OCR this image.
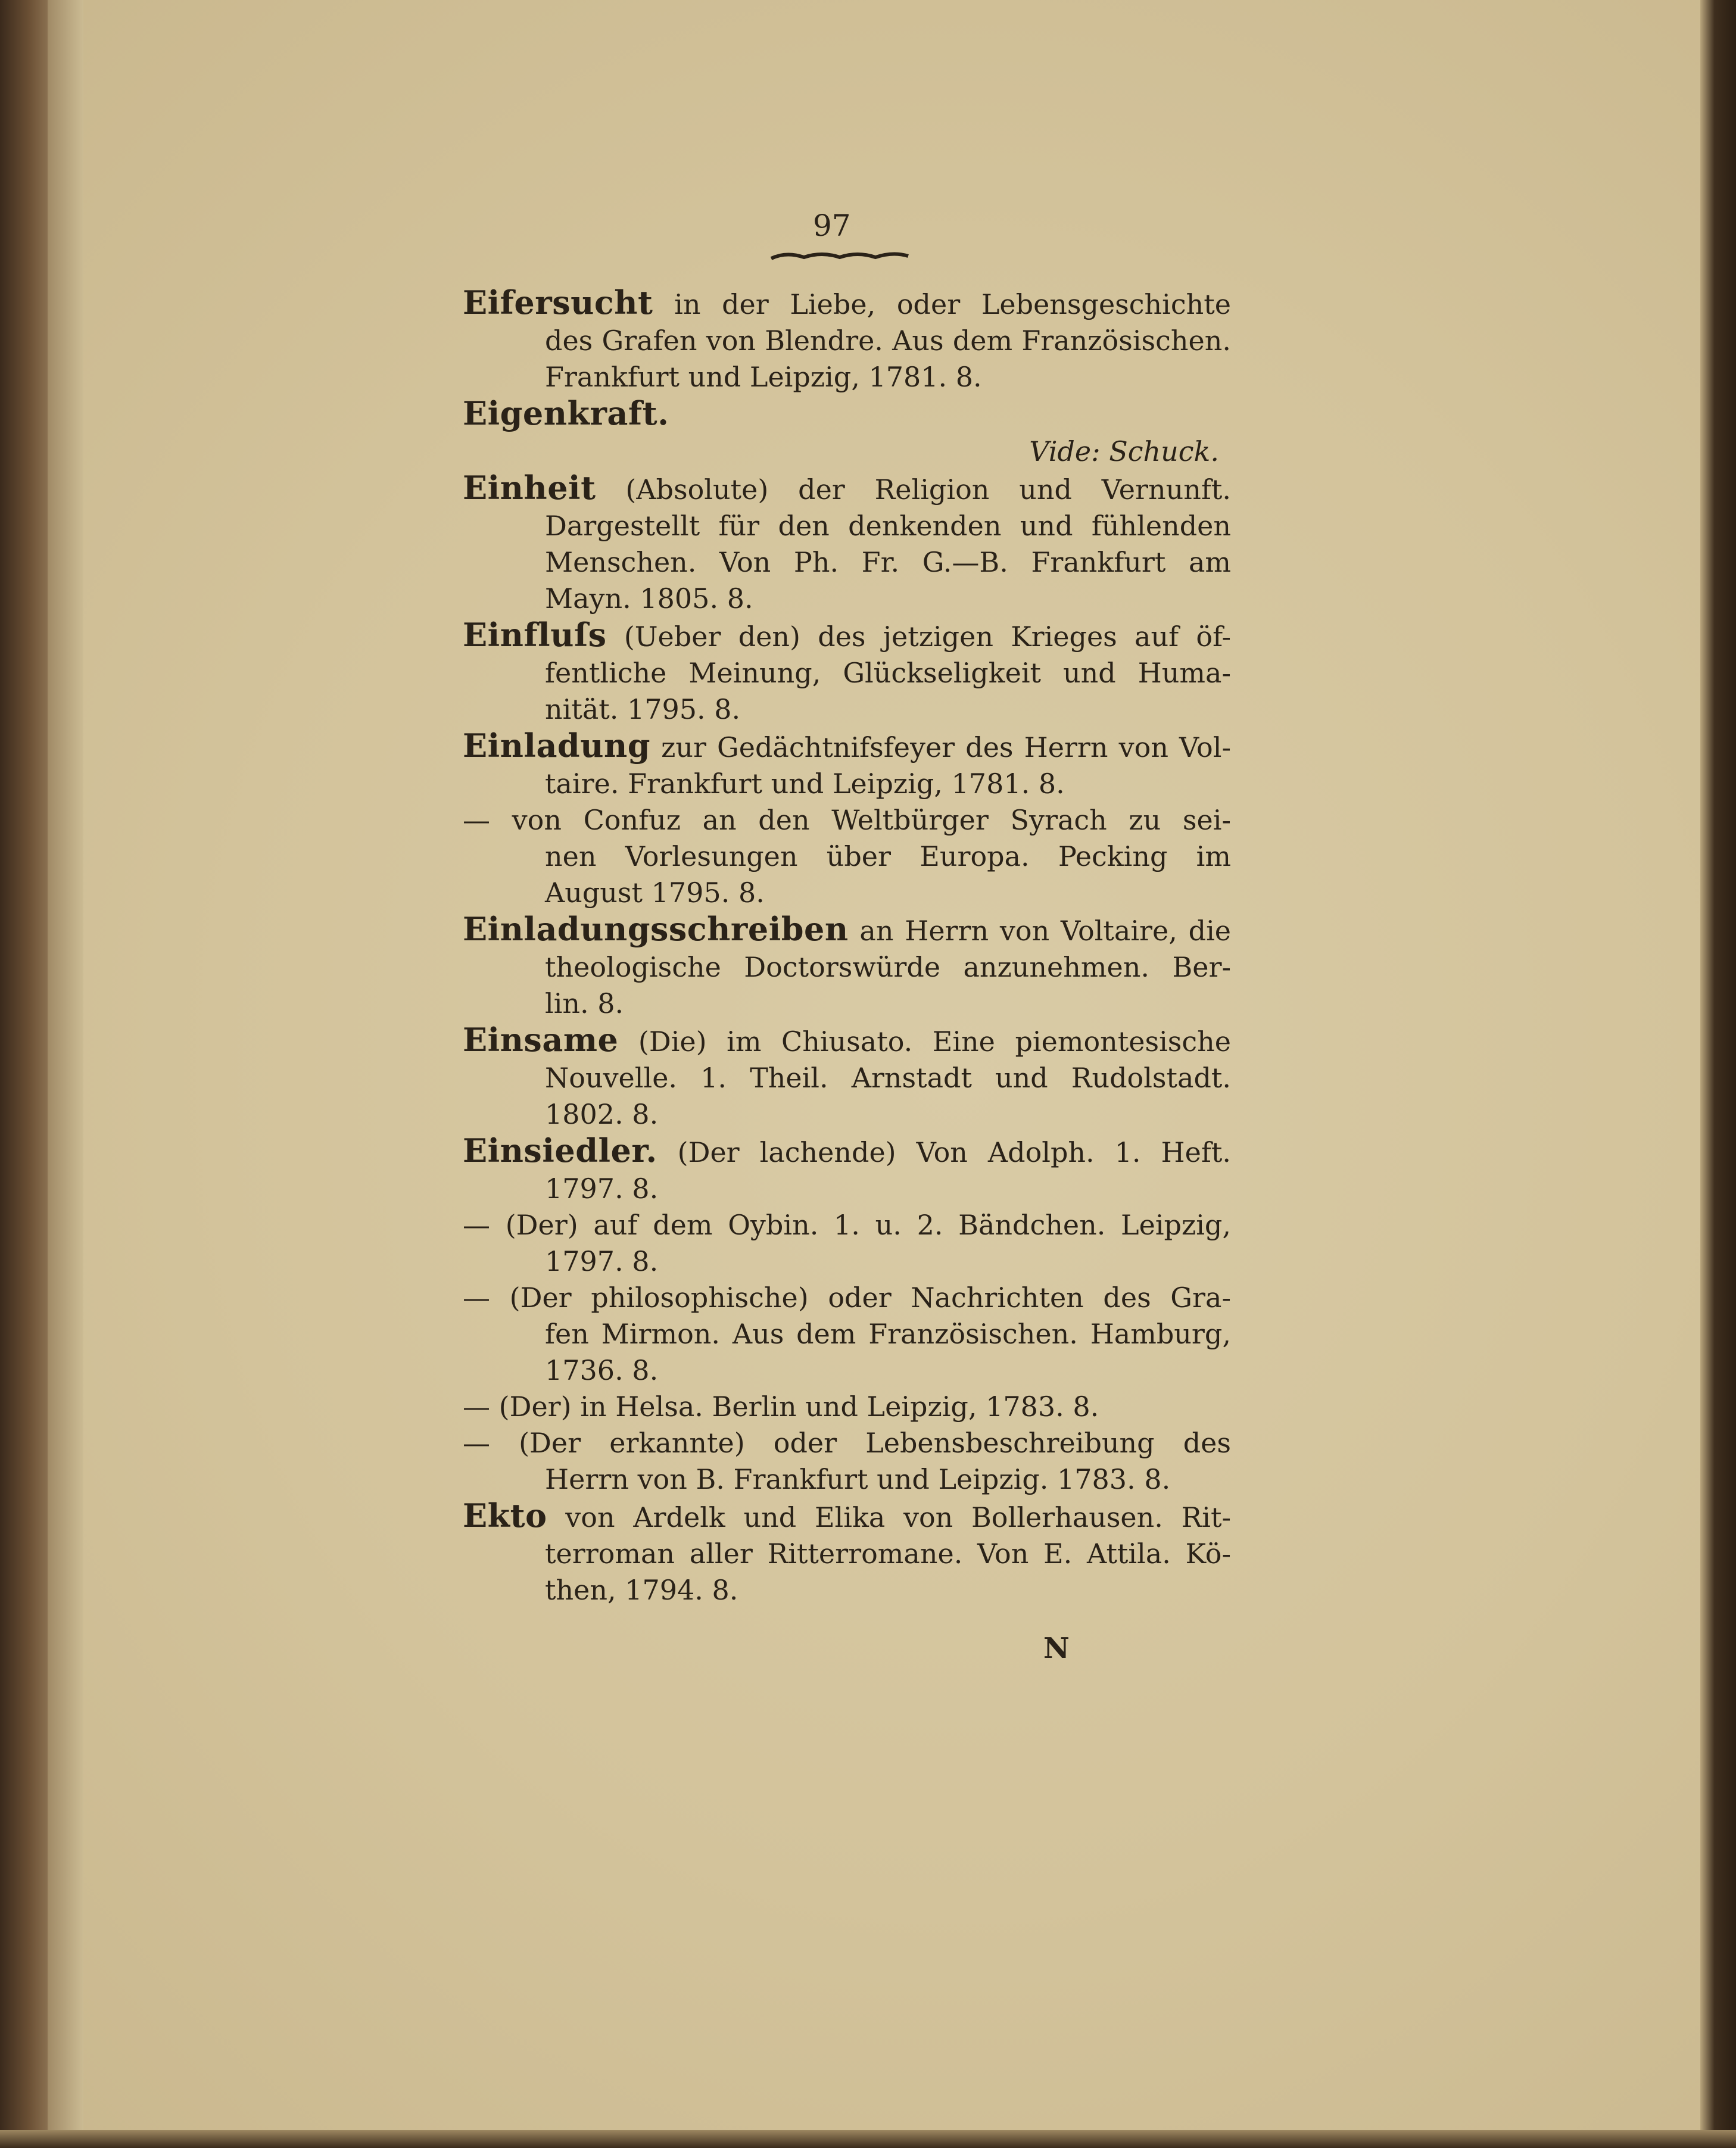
97
Eifersucht in der Liebe, oder Lebensgeschichte
des Grafen von Blendre. Aus dem Französischen.
Frankfurt und Leipzig, 1781. 8.
Eigenkraft.
Vide: Schuck.
Einheit (Absolute) der Religion und Vernunft.
Dargestellt für den denkenden und fühlenden
Menschen. Von Ph. Fr. G.—B. Frankfurt am
Mayn. 1805. 8.
Einfluſs (Ueber den) des jetzigen Krieges auf öf-
fentliche Meinung, Glückseligkeit und Huma-
nität. 1795. 8.
Einladung zur Gedächtnifsfeyer des Herrn von Vol-
taire. Frankfurt und Leipzig, 1781. 8.
— von Confuz an den Weltbürger Syrach zu sei-
nen Vorlesungen über Europa. Pecking im
August 1795. 8.
Einladungsschreiben an Herrn von Voltaire, die
theologische Doctorswürde anzunehmen. Ber-
lin. 8.
Einsame (Die) im Chiusato. Eine piemontesische
Nouvelle. 1. Theil. Arnstadt und Rudolstadt.
1802. 8.
Einsiedler. (Der lachende) Von Adolph. 1. Heft.
1797. 8.
— (Der) auf dem Oybin. 1. u. 2. Bändchen. Leipzig,
1797. 8.
— (Der philosophische) oder Nachrichten des Gra-
fen Mirmon. Aus dem Französischen. Hamburg,
1736. 8.
— (Der) in Helsa. Berlin und Leipzig, 1783. 8.
— (Der erkannte) oder Lebensbeschreibung des
Herrn von B. Frankfurt und Leipzig. 1783. 8.
Ekto von Ardelk und Elika von Bollerhausen. Rit-
terroman aller Ritterromane. Von E. Attila. Kö-
then, 1794. 8.
N
